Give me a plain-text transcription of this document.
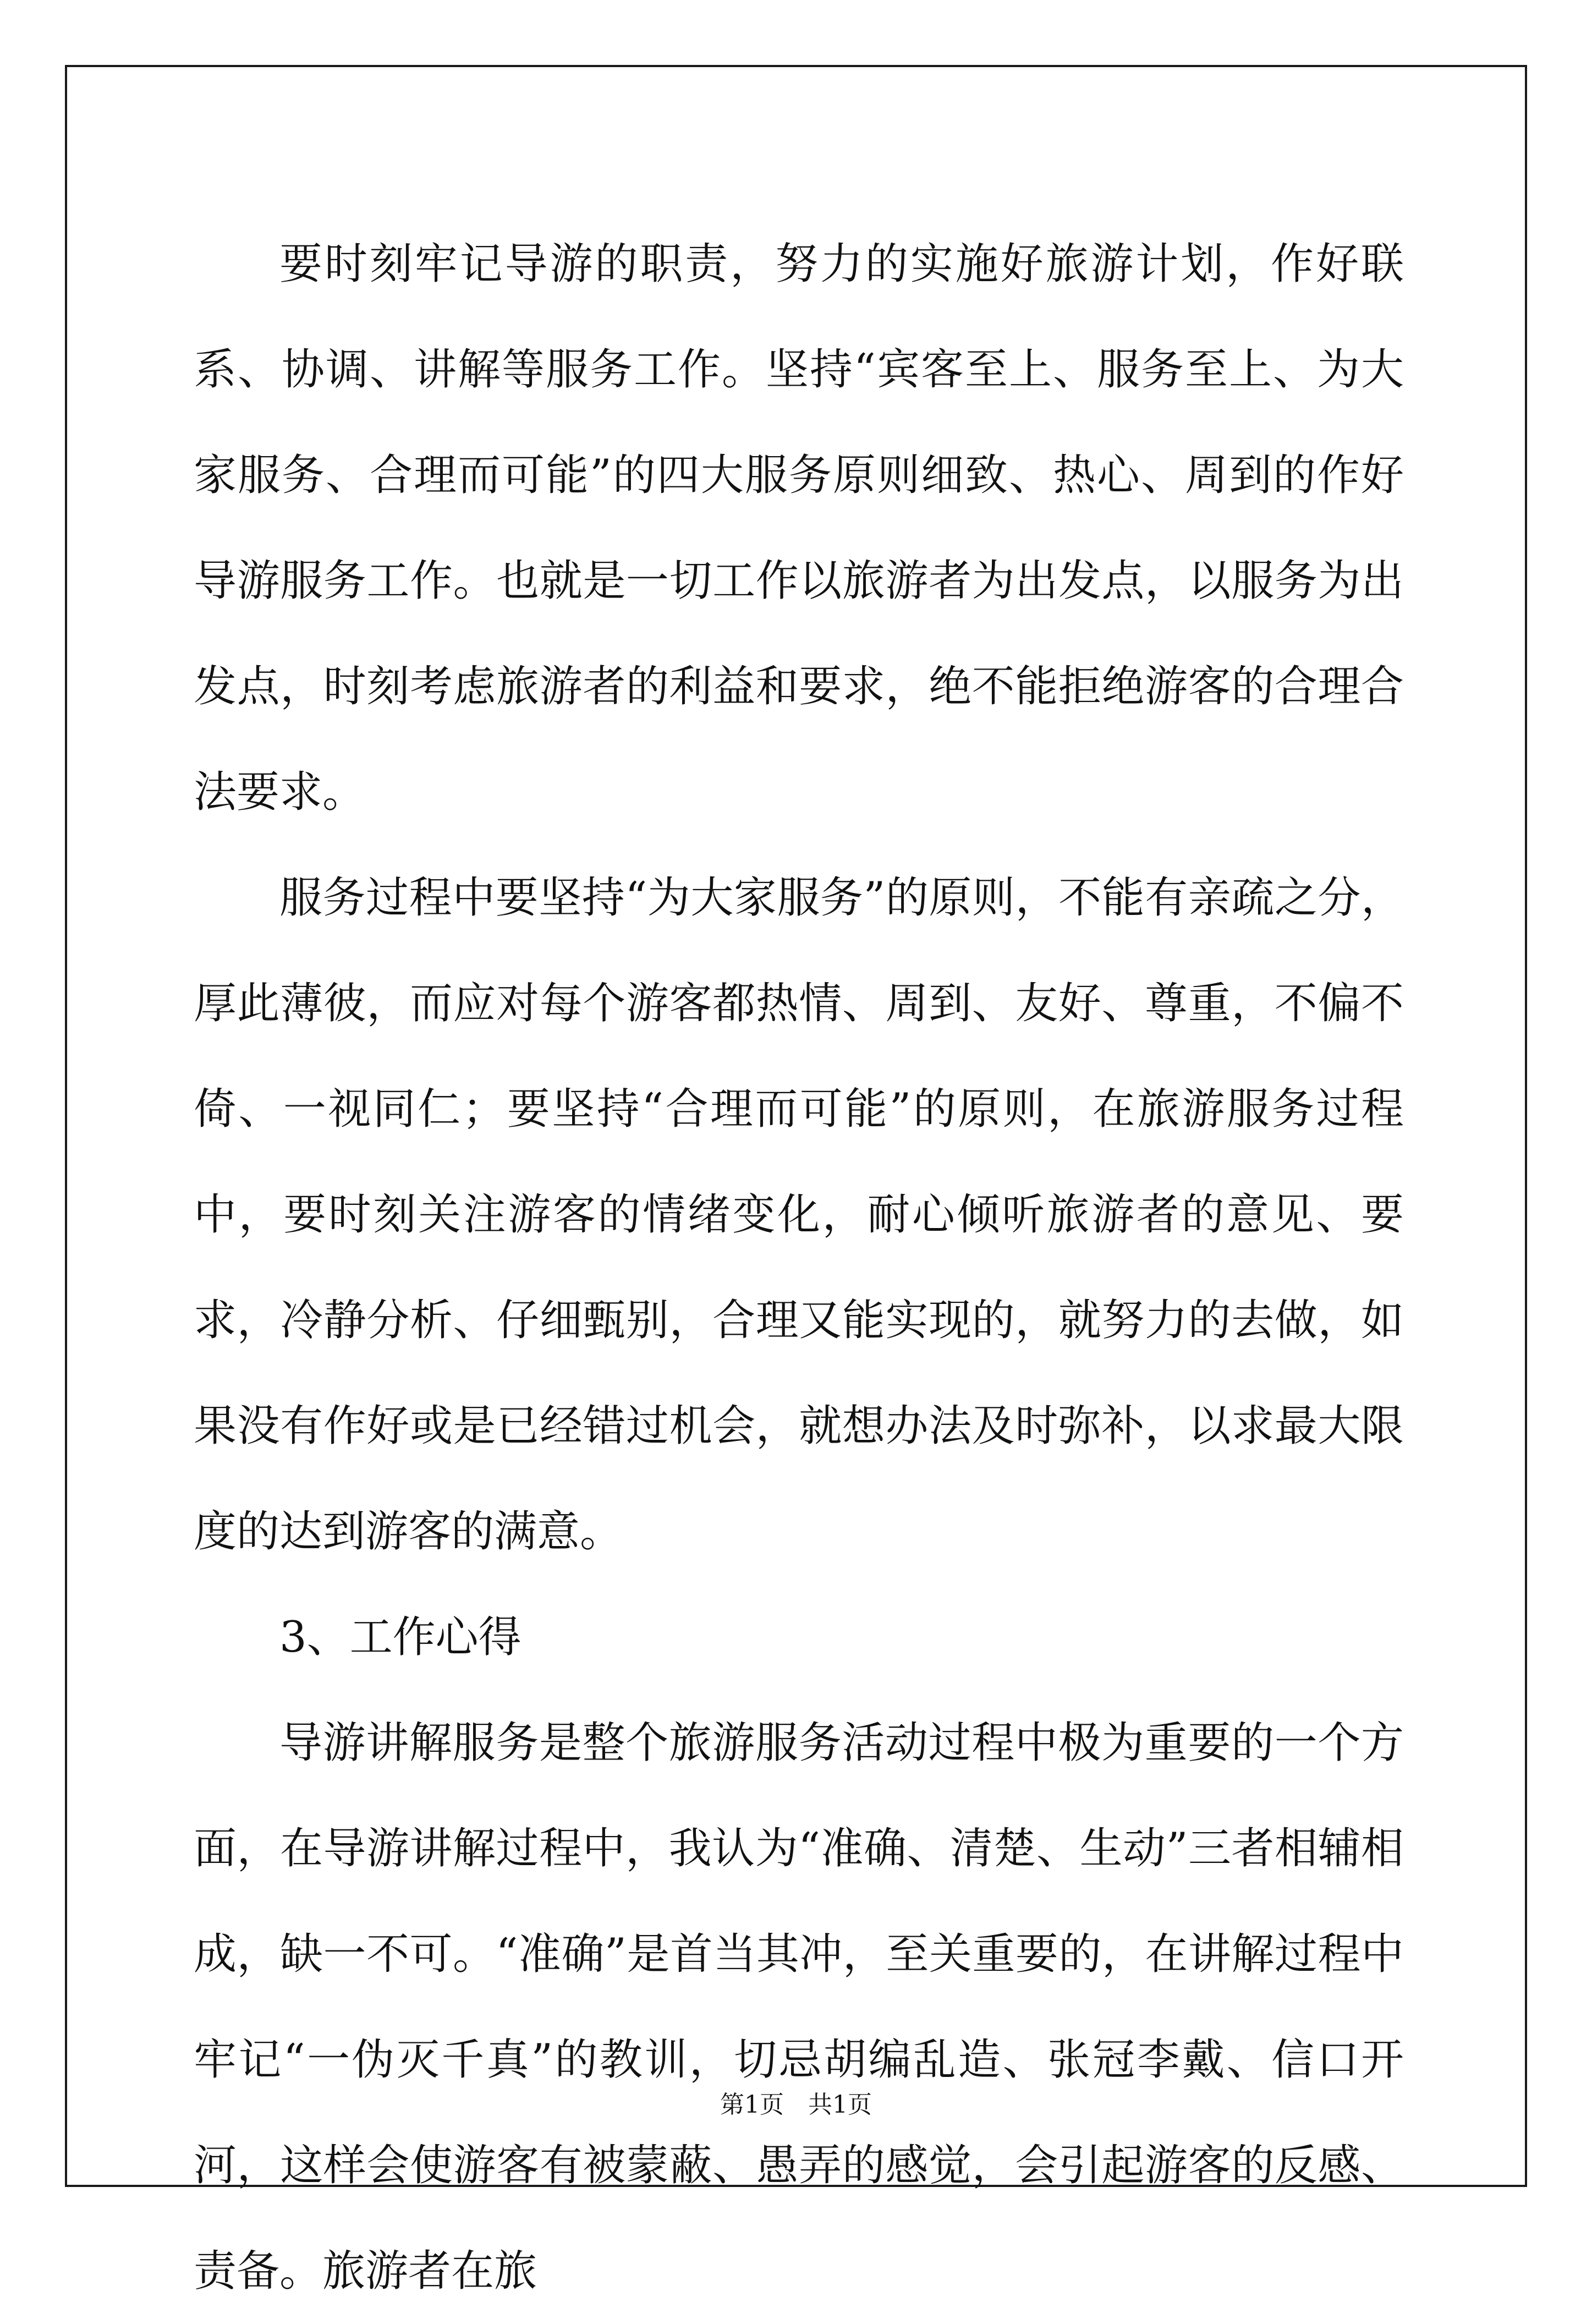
要时刻牢记导游的职责，努力的实施好旅游计划，作好联系、协调、讲解等服务工作。坚持“宾客至上、服务至上、为大家服务、合理而可能”的四大服务原则细致、热心、周到的作好导游服务工作。也就是一切工作以旅游者为出发点，以服务为出发点，时刻考虑旅游者的利益和要求，绝不能拒绝游客的合理合法要求。

服务过程中要坚持“为大家服务”的原则，不能有亲疏之分，厚此薄彼，而应对每个游客都热情、周到、友好、尊重，不偏不倚、一视同仁；要坚持“合理而可能”的原则，在旅游服务过程中，要时刻关注游客的情绪变化，耐心倾听旅游者的意见、要求，冷静分析、仔细甄别，合理又能实现的，就努力的去做，如果没有作好或是已经错过机会，就想办法及时弥补，以求最大限度的达到游客的满意。

3、工作心得

导游讲解服务是整个旅游服务活动过程中极为重要的一个方面，在导游讲解过程中，我认为“准确、清楚、生动”三者相辅相成，缺一不可。“准确”是首当其冲，至关重要的，在讲解过程中牢记“一伪灭千真”的教训，切忌胡编乱造、张冠李戴、信口开河，这样会使游客有被蒙蔽、愚弄的感觉，会引起游客的反感、责备。旅游者在旅

第1页　共1页
